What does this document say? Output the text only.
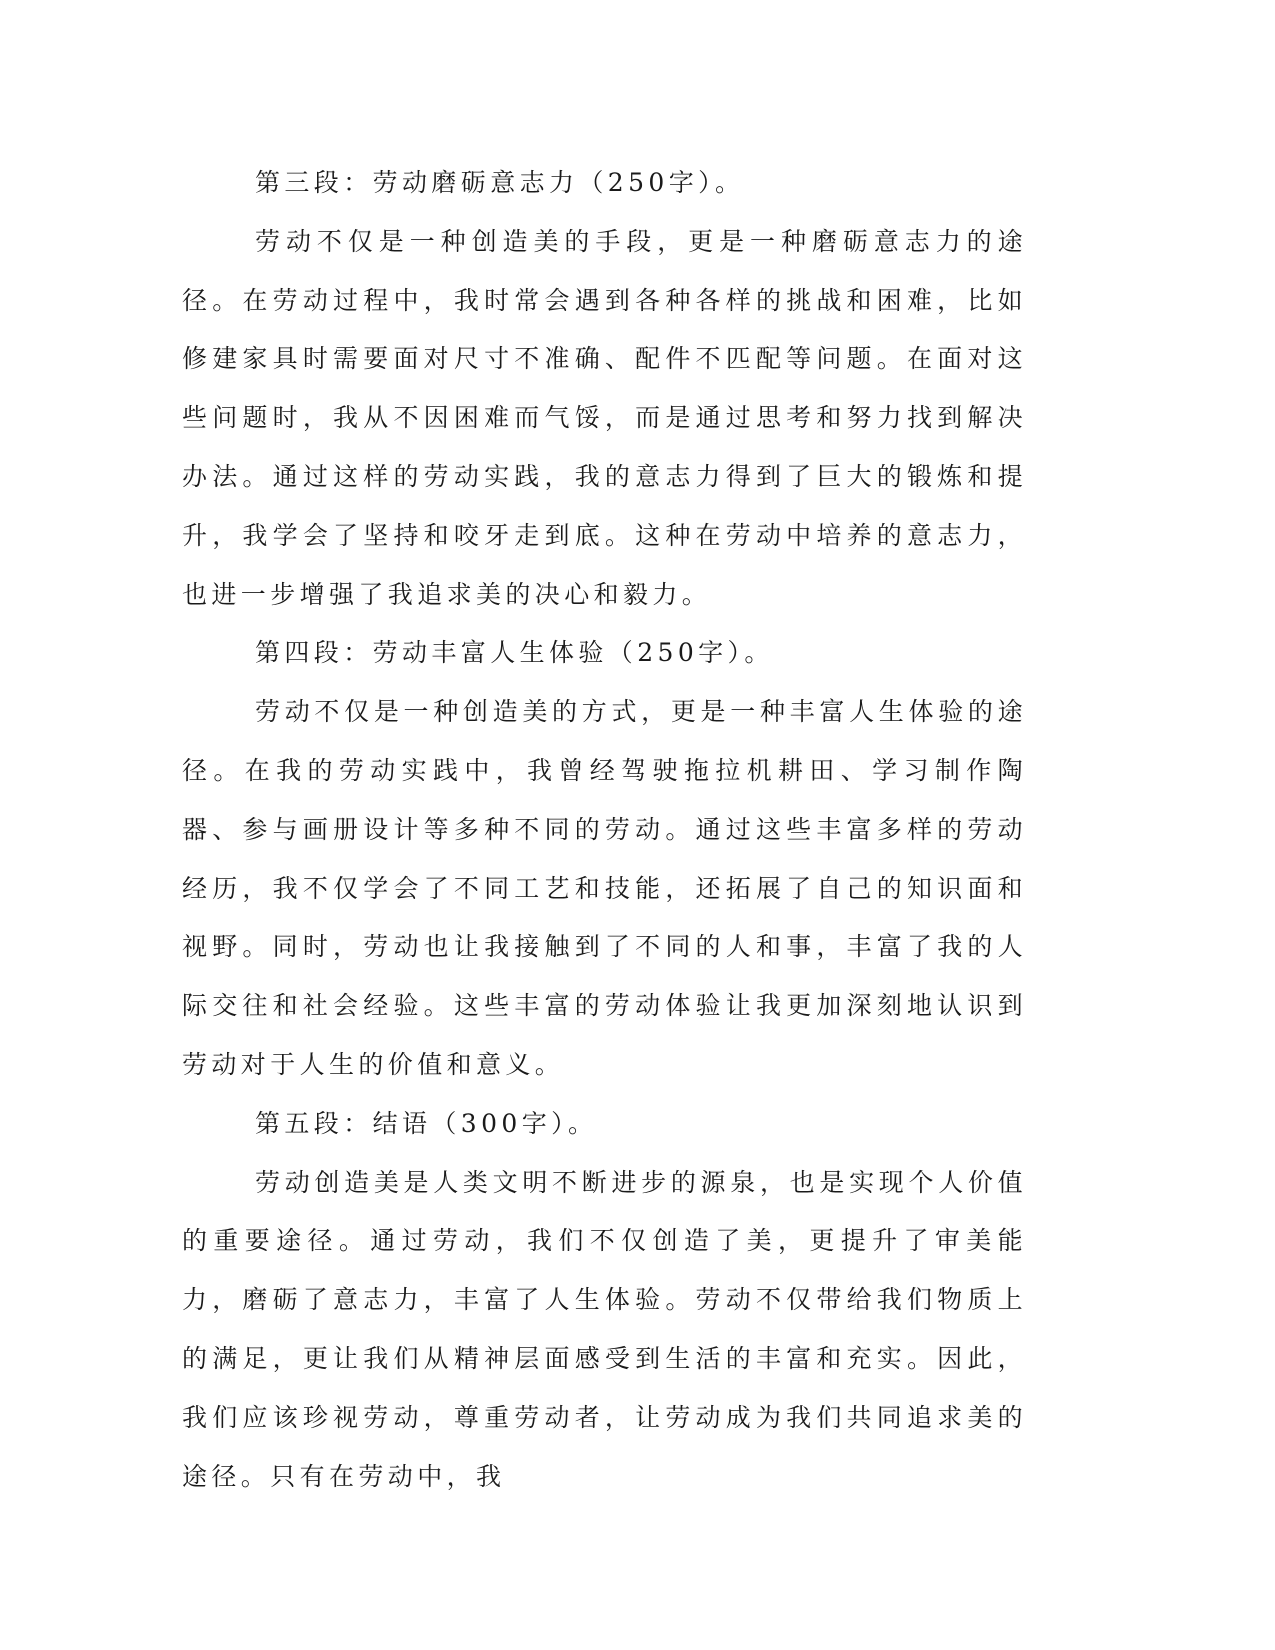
第三段：劳动磨砺意志力（250字）。

劳动不仅是一种创造美的手段，更是一种磨砺意志力的途径。在劳动过程中，我时常会遇到各种各样的挑战和困难，比如修建家具时需要面对尺寸不准确、配件不匹配等问题。在面对这些问题时，我从不因困难而气馁，而是通过思考和努力找到解决办法。通过这样的劳动实践，我的意志力得到了巨大的锻炼和提升，我学会了坚持和咬牙走到底。这种在劳动中培养的意志力，也进一步增强了我追求美的决心和毅力。

第四段：劳动丰富人生体验（250字）。

劳动不仅是一种创造美的方式，更是一种丰富人生体验的途径。在我的劳动实践中，我曾经驾驶拖拉机耕田、学习制作陶器、参与画册设计等多种不同的劳动。通过这些丰富多样的劳动经历，我不仅学会了不同工艺和技能，还拓展了自己的知识面和视野。同时，劳动也让我接触到了不同的人和事，丰富了我的人际交往和社会经验。这些丰富的劳动体验让我更加深刻地认识到劳动对于人生的价值和意义。

第五段：结语（300字）。

劳动创造美是人类文明不断进步的源泉，也是实现个人价值的重要途径。通过劳动，我们不仅创造了美，更提升了审美能力，磨砺了意志力，丰富了人生体验。劳动不仅带给我们物质上的满足，更让我们从精神层面感受到生活的丰富和充实。因此，我们应该珍视劳动，尊重劳动者，让劳动成为我们共同追求美的途径。只有在劳动中，我
